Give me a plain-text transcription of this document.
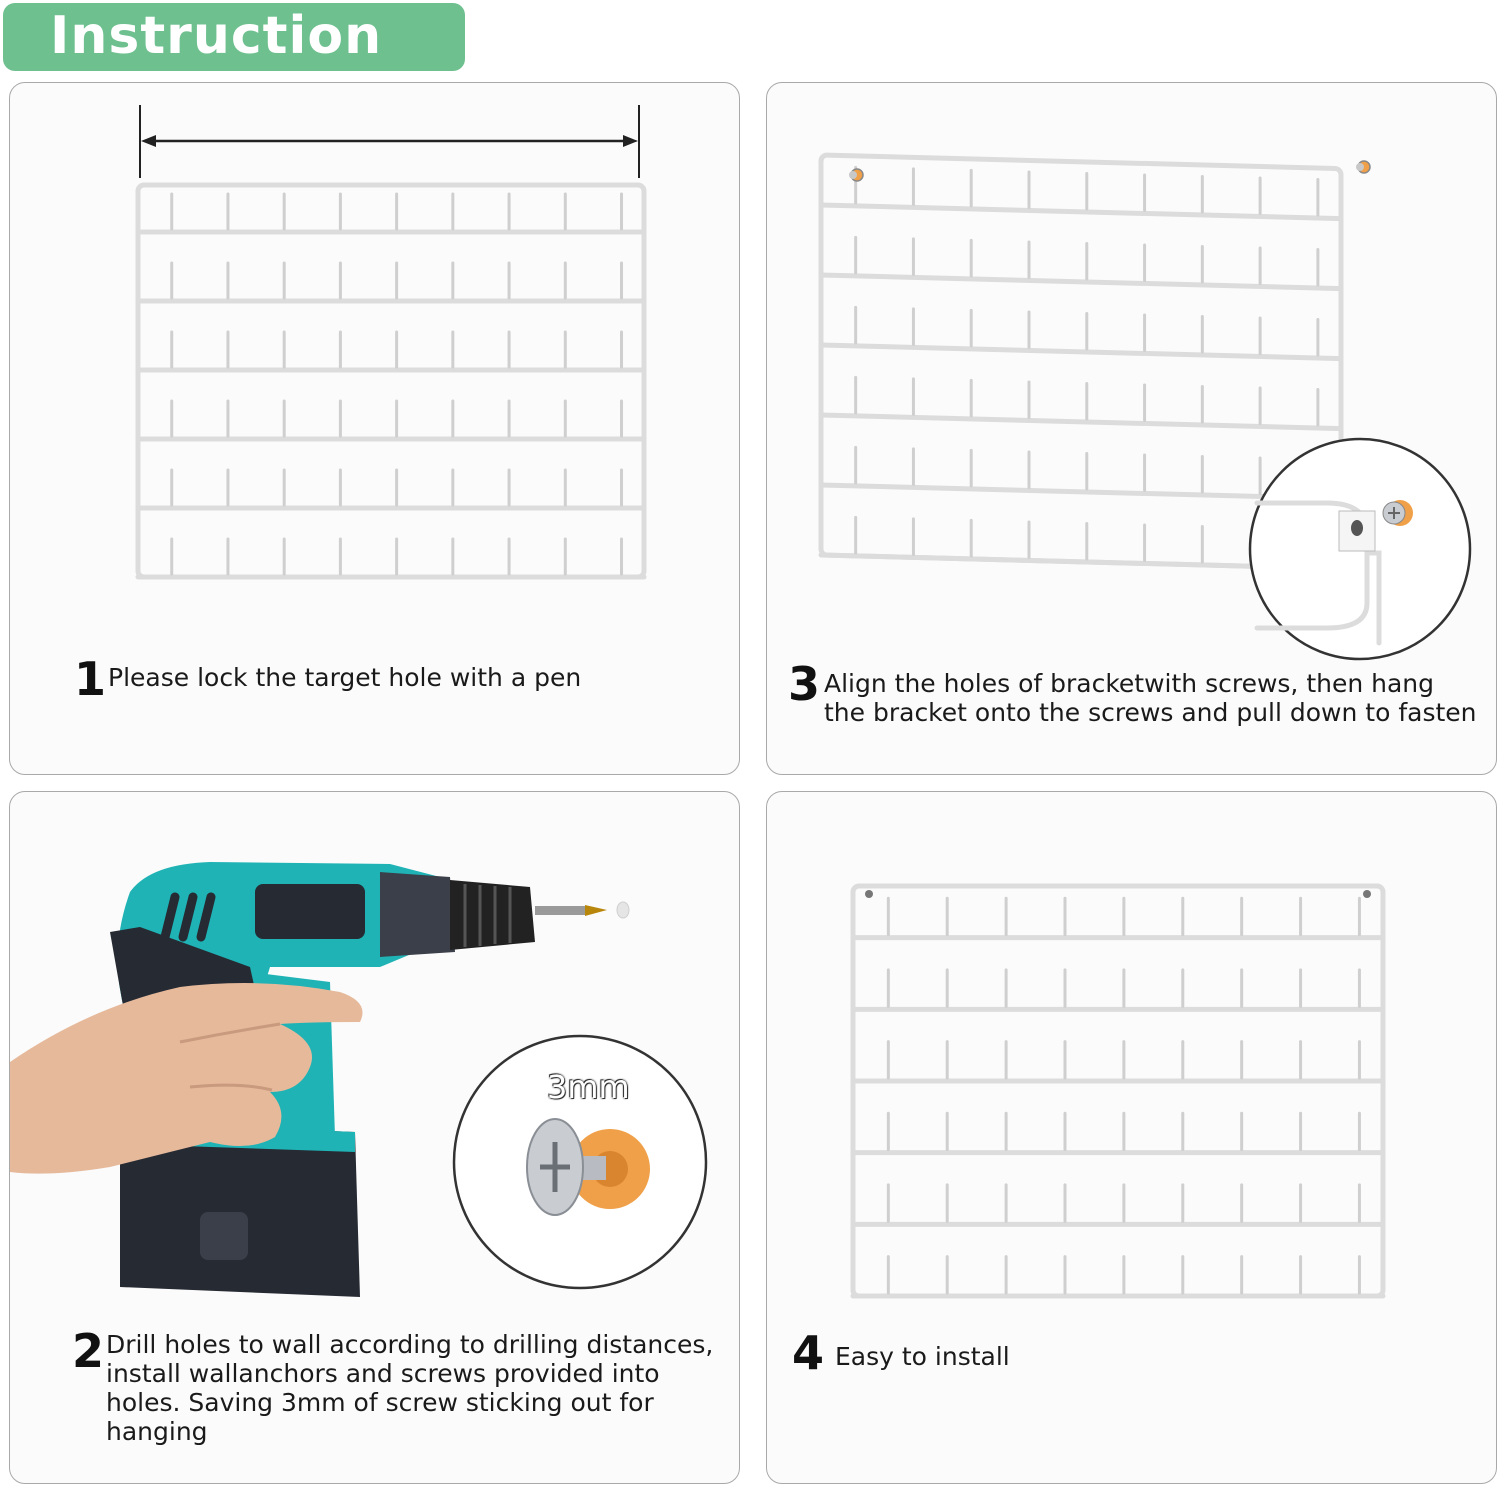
Instruction
1 Please lock the target hole with a pen	3 Align the holes of bracketwith screws, then hang
the bracket onto the screws and pull down to fasten
3mm
2 Drill holes to wall according to drilling distances,
install wallanchors and screws provided into
holes. Saving 3mm of screw sticking out for
hanging
4 Easy to install
